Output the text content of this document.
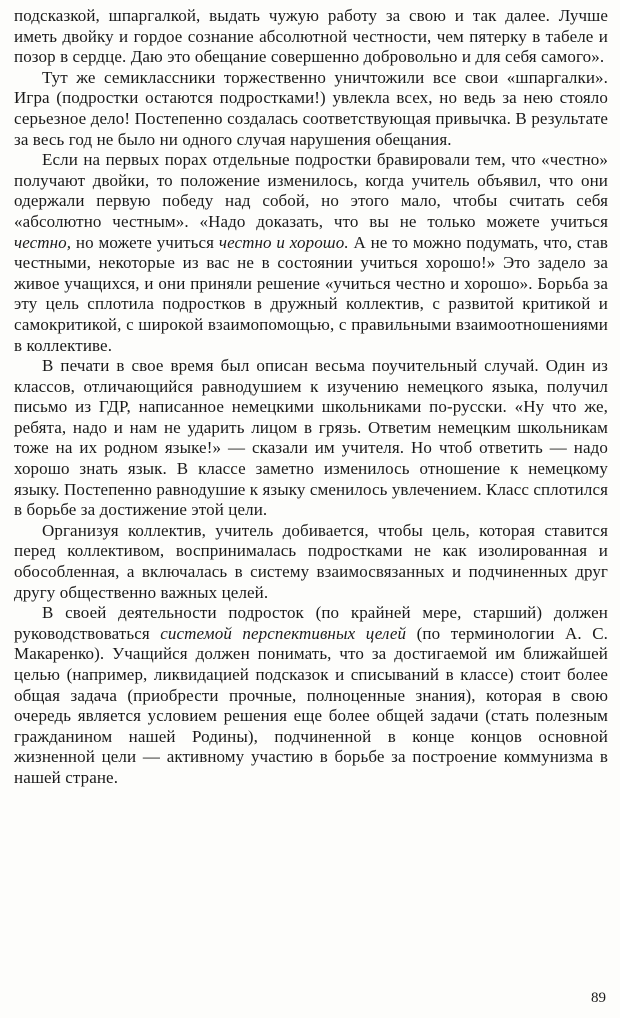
подсказкой, шпаргалкой, выдать чужую работу за свою и так далее. Лучше иметь двойку и гордое сознание абсолютной честности, чем пятерку в табеле и позор в сердце. Даю это обещание совершенно добровольно и для себя самого».

Тут же семиклассники торжественно уничтожили все свои «шпаргалки». Игра (подростки остаются подростками!) увлекла всех, но ведь за нею стояло серьезное дело! Постепенно создалась соответствующая привычка. В результате за весь год не было ни одного случая нарушения обещания.

Если на первых порах отдельные подростки бравировали тем, что «честно» получают двойки, то положение изменилось, когда учитель объявил, что они одержали первую победу над собой, но этого мало, чтобы считать себя «абсолютно честным». «Надо доказать, что вы не только можете учиться честно, но можете учиться честно и хорошо. А не то можно подумать, что, став честными, некоторые из вас не в состоянии учиться хорошо!» Это задело за живое учащихся, и они приняли решение «учиться честно и хорошо». Борьба за эту цель сплотила подростков в дружный коллектив, с развитой критикой и самокритикой, с широкой взаимопомощью, с правильными взаимоотношениями в коллективе.

В печати в свое время был описан весьма поучительный случай. Один из классов, отличающийся равнодушием к изучению немецкого языка, получил письмо из ГДР, написанное немецкими школьниками по-русски. «Ну что же, ребята, надо и нам не ударить лицом в грязь. Ответим немецким школьникам тоже на их родном языке!» — сказали им учителя. Но чтоб ответить — надо хорошо знать язык. В классе заметно изменилось отношение к немецкому языку. Постепенно равнодушие к языку сменилось увлечением. Класс сплотился в борьбе за достижение этой цели.

Организуя коллектив, учитель добивается, чтобы цель, которая ставится перед коллективом, воспринималась подростками не как изолированная и обособленная, а включалась в систему взаимосвязанных и подчиненных друг другу общественно важных целей.

В своей деятельности подросток (по крайней мере, старший) должен руководствоваться системой перспективных целей (по терминологии А. С. Макаренко). Учащийся должен понимать, что за достигаемой им ближайшей целью (например, ликвидацией подсказок и списываний в классе) стоит более общая задача (приобрести прочные, полноценные знания), которая в свою очередь является условием решения еще более общей задачи (стать полезным гражданином нашей Родины), подчиненной в конце концов основной жизненной цели — активному участию в борьбе за построение коммунизма в нашей стране.

89
